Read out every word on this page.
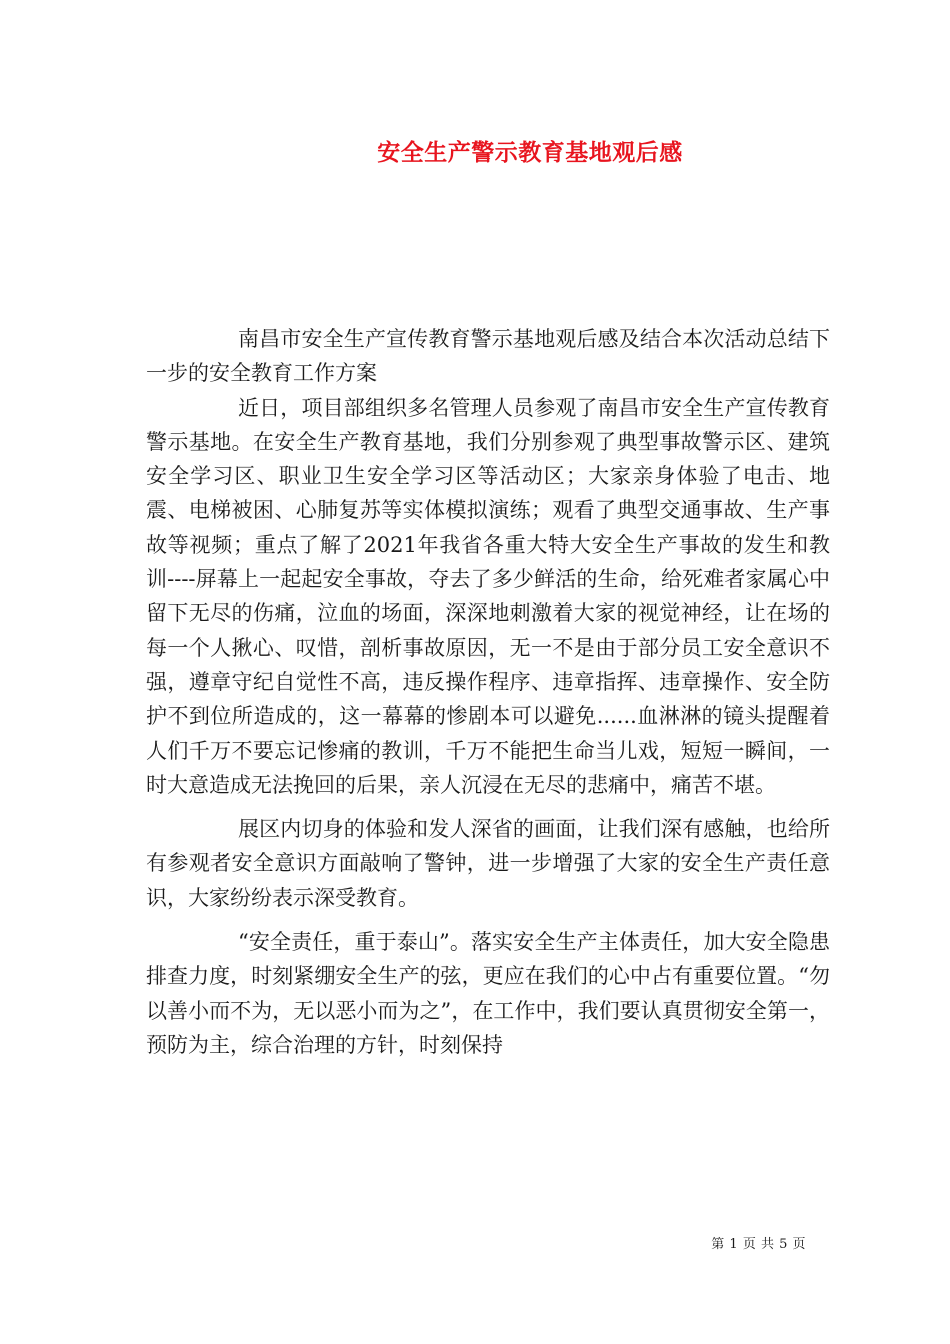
安全生产警示教育基地观后感

南昌市安全生产宣传教育警示基地观后感及结合本次活动总结下一步的安全教育工作方案

近日，项目部组织多名管理人员参观了南昌市安全生产宣传教育警示基地。在安全生产教育基地，我们分别参观了典型事故警示区、建筑安全学习区、职业卫生安全学习区等活动区；大家亲身体验了电击、地震、电梯被困、心肺复苏等实体模拟演练；观看了典型交通事故、生产事故等视频；重点了解了2021年我省各重大特大安全生产事故的发生和教训----屏幕上一起起安全事故，夺去了多少鲜活的生命，给死难者家属心中留下无尽的伤痛，泣血的场面，深深地刺激着大家的视觉神经，让在场的每一个人揪心、叹惜，剖析事故原因，无一不是由于部分员工安全意识不强，遵章守纪自觉性不高，违反操作程序、违章指挥、违章操作、安全防护不到位所造成的，这一幕幕的惨剧本可以避免......血淋淋的镜头提醒着人们千万不要忘记惨痛的教训，千万不能把生命当儿戏，短短一瞬间，一时大意造成无法挽回的后果，亲人沉浸在无尽的悲痛中，痛苦不堪。

展区内切身的体验和发人深省的画面，让我们深有感触，也给所有参观者安全意识方面敲响了警钟，进一步增强了大家的安全生产责任意识，大家纷纷表示深受教育。

“安全责任，重于泰山”。落实安全生产主体责任，加大安全隐患排查力度，时刻紧绷安全生产的弦，更应在我们的心中占有重要位置。“勿以善小而不为，无以恶小而为之”，在工作中，我们要认真贯彻安全第一，预防为主，综合治理的方针，时刻保持

第 1 页 共 5 页
